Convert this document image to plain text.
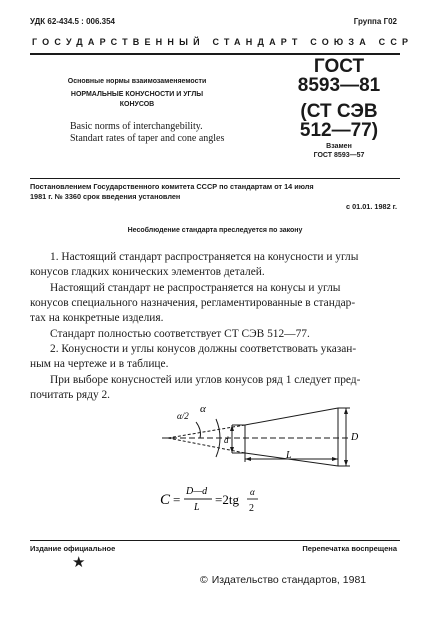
УДК 62-434.5 : 006.354	Группа Г02
ГОСУДАРСТВЕННЫЙ СТАНДАРТ СОЮЗА ССР
Основные нормы взаимозаменяемости
НОРМАЛЬНЫЕ КОНУСНОСТИ И УГЛЫ
КОНУСОВ
Basic norms of interchangebility.
Standart rates of taper and cone angles
ГОСТ
8593—81
(СТ СЭВ
512—77)
Взамен
ГОСТ 8593—57
Постановлением Государственного комитета СССР по стандартам от 14 июля
1981 г. № 3360 срок введения установлен
с 01.01. 1982 г.
Несоблюдение стандарта преследуется по закону
1. Настоящий стандарт распространяется на конусности и углы
конусов гладких конических элементов деталей.
Настоящий стандарт не распространяется на конусы и углы
конусов специального назначения, регламентированные в стандар-
тах на конкретные изделия.
Стандарт полностью соответствует СТ СЭВ 512—77.
2. Конусности и углы конусов должны соответствовать указан-
ным на чертеже и в таблице.
При выборе конусностей или углов конусов ряд 1 следует пред-
почитать ряду 2.
α/2
α
d	D
L
C =
D—d
L
=2tg α
2
Издание официальное	Перепечатка воспрещена
★
© Издательство стандартов, 1981
